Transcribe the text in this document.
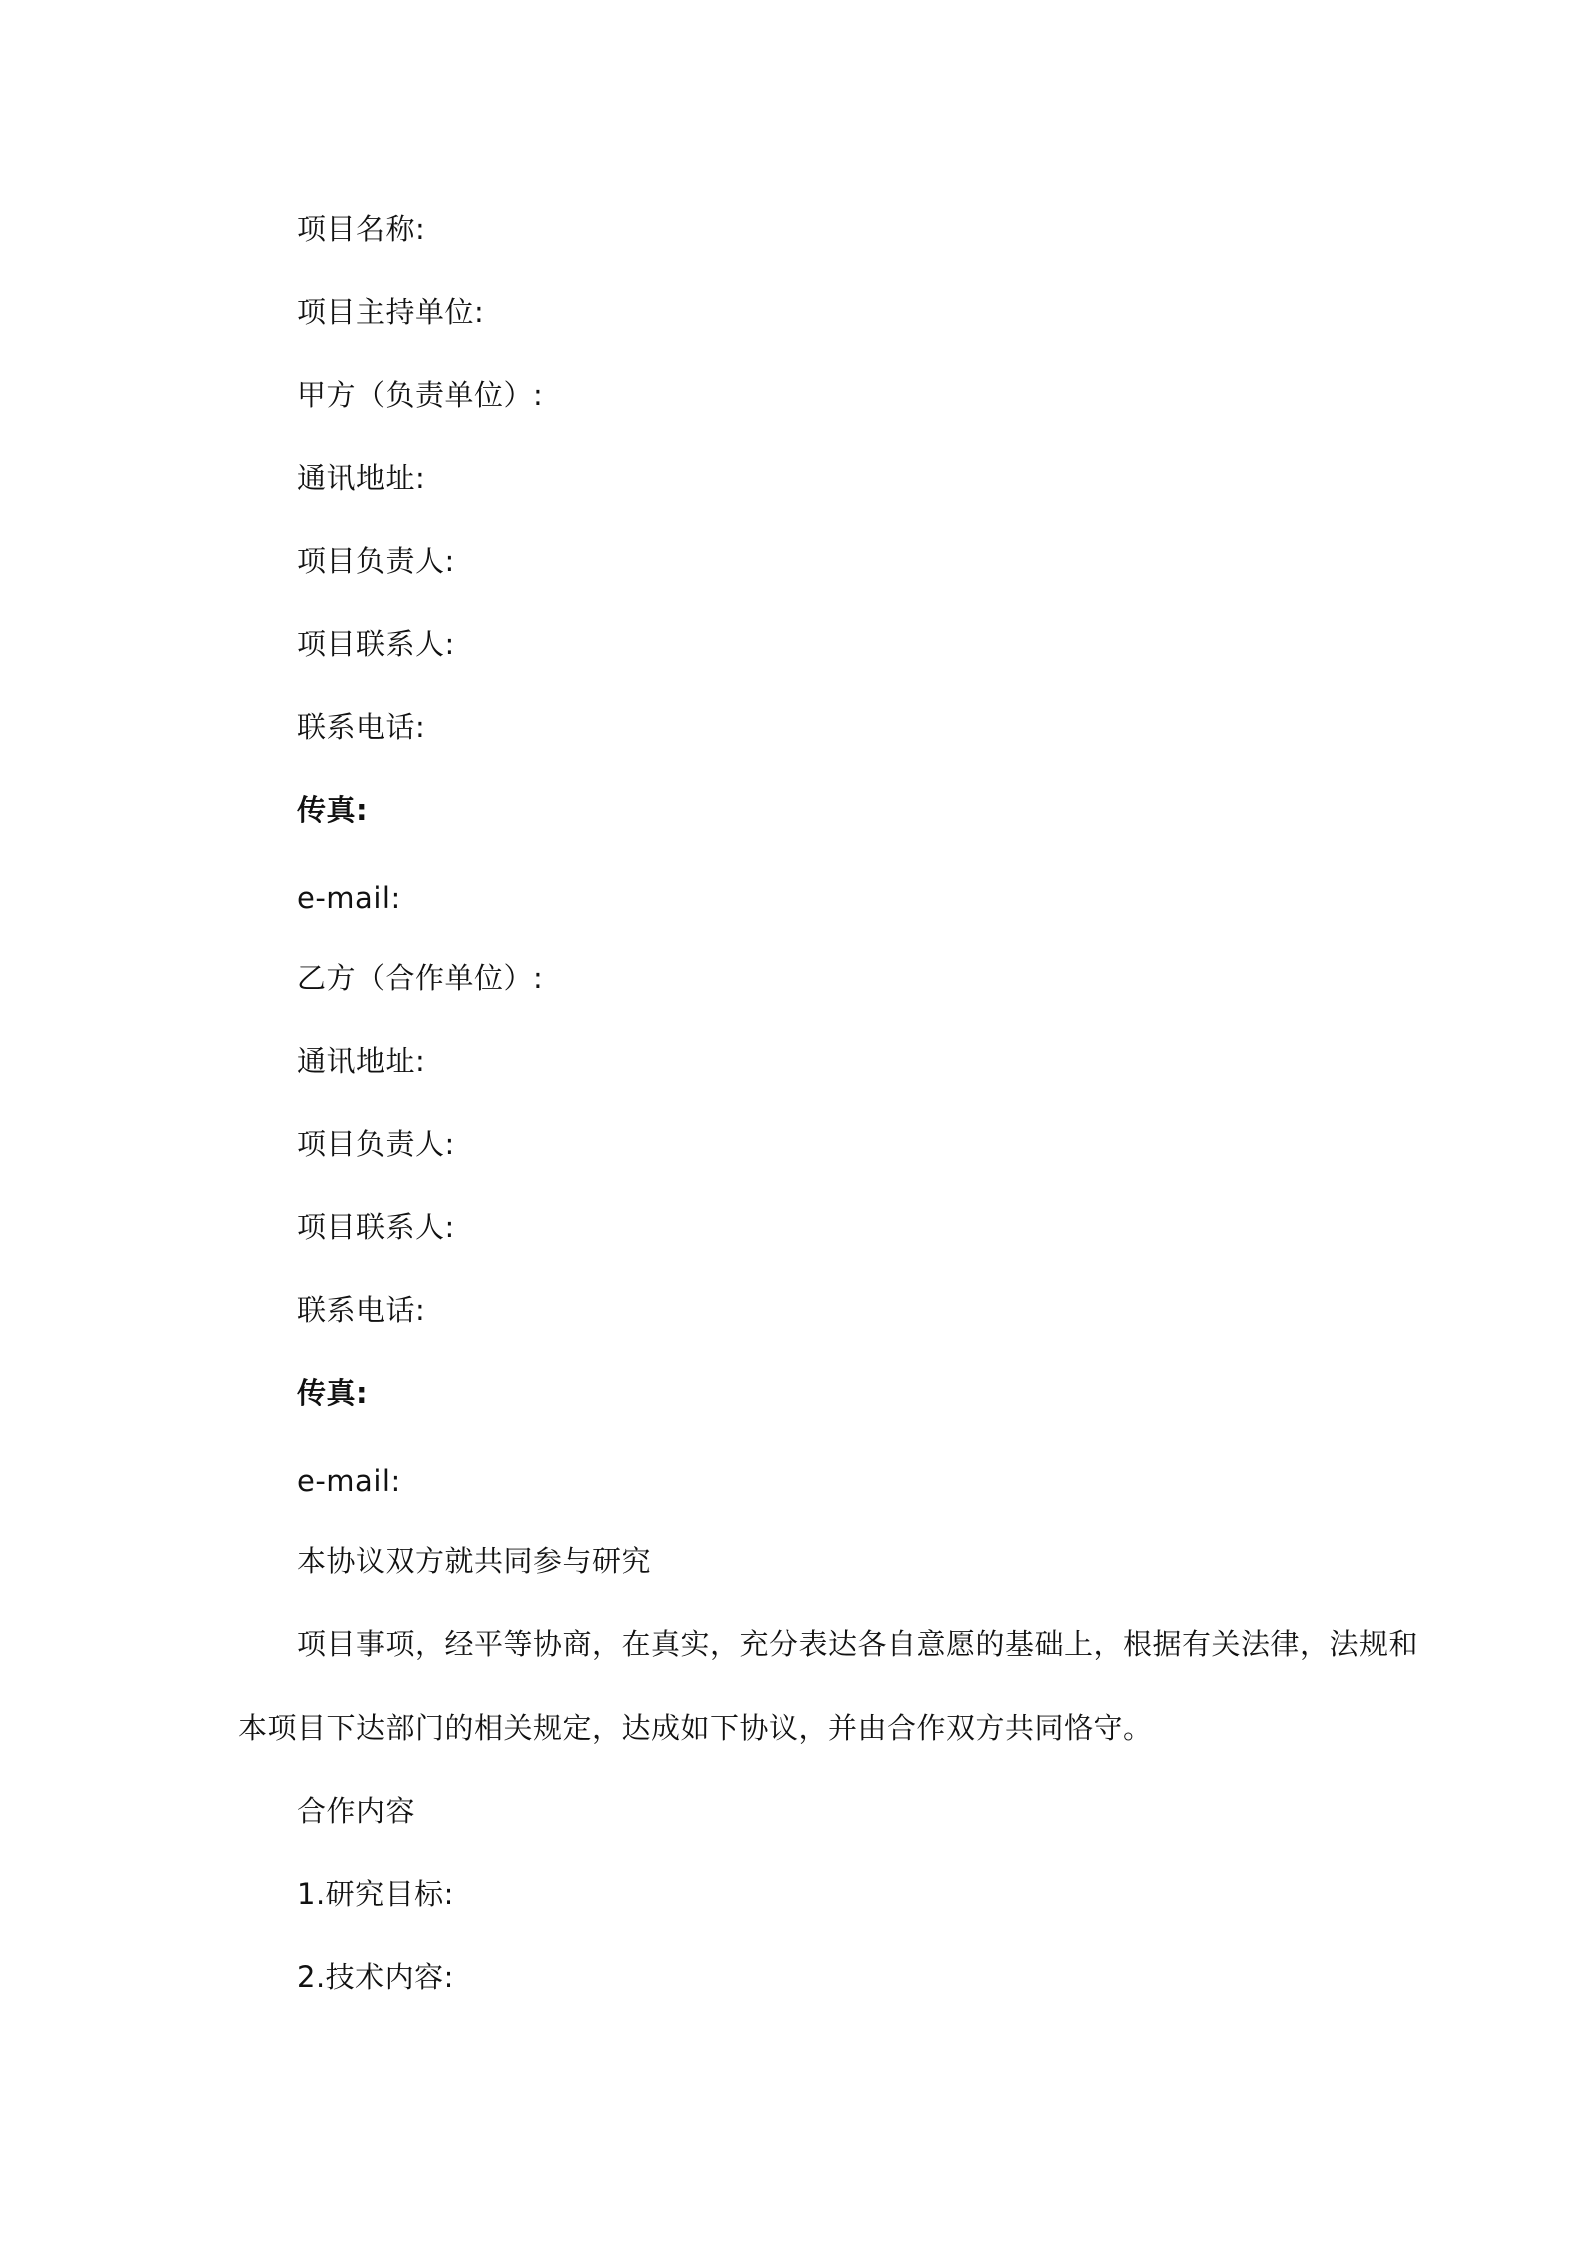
项目名称:
项目主持单位:
甲方（负责单位）:
通讯地址:
项目负责人:
项目联系人:
联系电话:
传真:
e-mail:
乙方（合作单位）:
通讯地址:
项目负责人:
项目联系人:
联系电话:
传真:
e-mail:
本协议双方就共同参与研究
项目事项，经平等协商，在真实，充分表达各自意愿的基础上，根据有关法律，法规和
本项目下达部门的相关规定，达成如下协议，并由合作双方共同恪守。
合作内容
1.研究目标:
2.技术内容:
